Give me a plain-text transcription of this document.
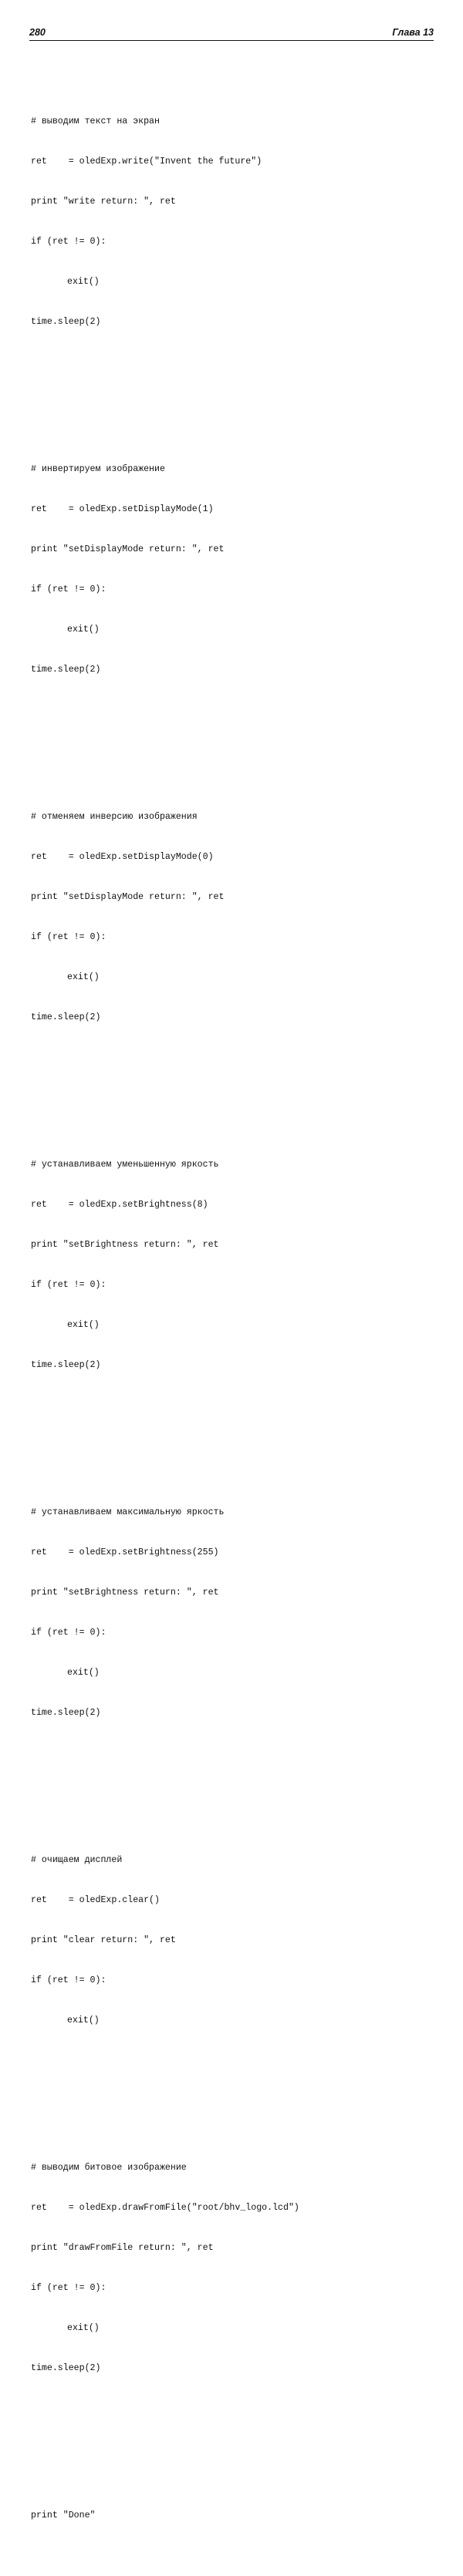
280	Глава 13

# выводим текст на экран

ret    = oledExp.write("Invent the future")

print "write return: ", ret

if (ret != 0):

exit()

time.sleep(2)

# инвертируем изображение

ret    = oledExp.setDisplayMode(1)

print "setDisplayMode return: ", ret

if (ret != 0):

exit()

time.sleep(2)

# отменяем инверсию изображения

ret    = oledExp.setDisplayMode(0)

print "setDisplayMode return: ", ret

if (ret != 0):

exit()

time.sleep(2)

# устанавливаем уменьшенную яркость

ret    = oledExp.setBrightness(8)

print "setBrightness return: ", ret

if (ret != 0):

exit()

time.sleep(2)

# устанавливаем максимальную яркость

ret    = oledExp.setBrightness(255)

print "setBrightness return: ", ret

if (ret != 0):

exit()

time.sleep(2)

# очищаем дисплей

ret    = oledExp.clear()

print "clear return: ", ret

if (ret != 0):

exit()

# выводим битовое изображение

ret    = oledExp.drawFromFile("root/bhv_logo.lcd")

print "drawFromFile return: ", ret

if (ret != 0):

exit()

time.sleep(2)

print "Done"
